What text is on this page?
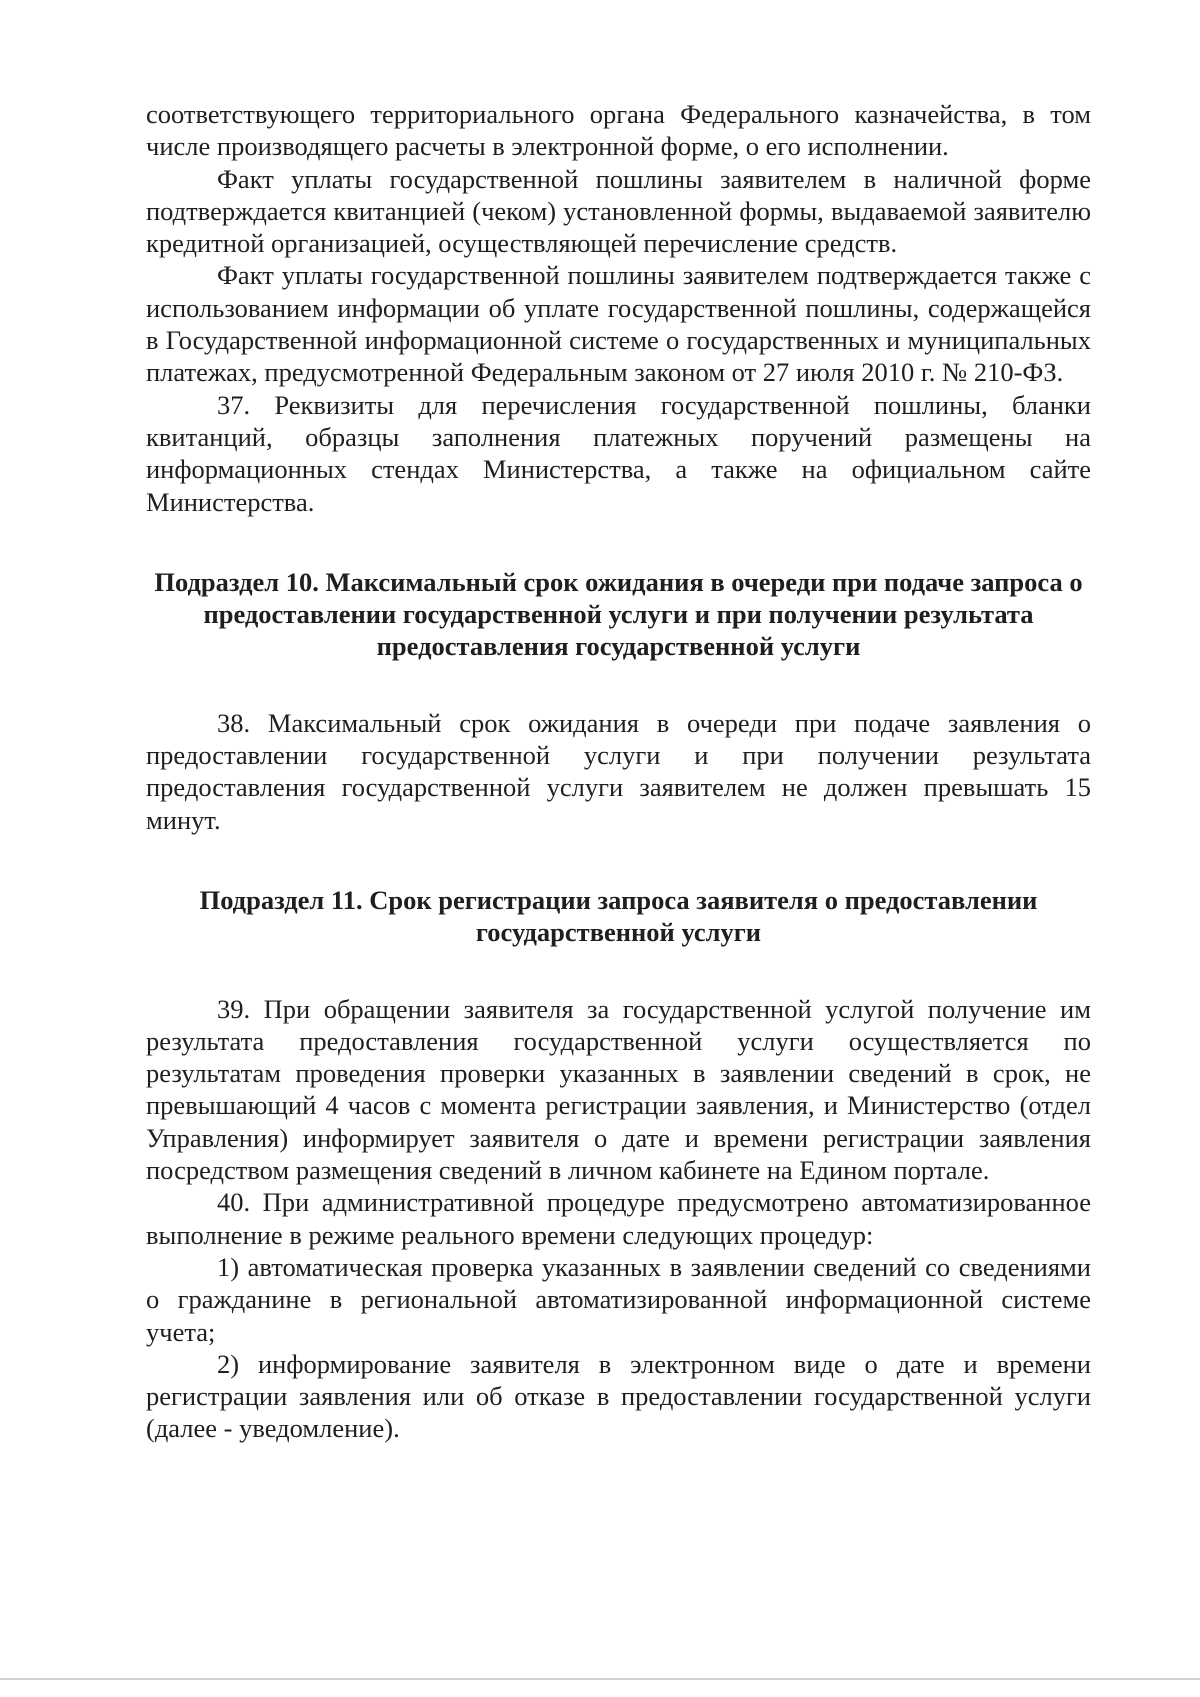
соответствующего территориального органа Федерального казначейства, в том числе производящего расчеты в электронной форме, о его исполнении.

Факт уплаты государственной пошлины заявителем в наличной форме подтверждается квитанцией (чеком) установленной формы, выдаваемой заявителю кредитной организацией, осуществляющей перечисление средств.

Факт уплаты государственной пошлины заявителем подтверждается также с использованием информации об уплате государственной пошлины, содержащейся в Государственной информационной системе о государственных и муниципальных платежах, предусмотренной Федеральным законом от 27 июля 2010 г. № 210-ФЗ.

37. Реквизиты для перечисления государственной пошлины, бланки квитанций, образцы заполнения платежных поручений размещены на информационных стендах Министерства, а также на официальном сайте Министерства.

Подраздел 10. Максимальный срок ожидания в очереди при подаче запроса о предоставлении государственной услуги и при получении результата предоставления государственной услуги

38. Максимальный срок ожидания в очереди при подаче заявления о предоставлении государственной услуги и при получении результата предоставления государственной услуги заявителем не должен превышать 15 минут.

Подраздел 11. Срок регистрации запроса заявителя о предоставлении государственной услуги

39. При обращении заявителя за государственной услугой получение им результата предоставления государственной услуги осуществляется по результатам проведения проверки указанных в заявлении сведений в срок, не превышающий 4 часов с момента регистрации заявления, и Министерство (отдел Управления) информирует заявителя о дате и времени регистрации заявления посредством размещения сведений в личном кабинете на Едином портале.

40. При административной процедуре предусмотрено автоматизированное выполнение в режиме реального времени следующих процедур:

1) автоматическая проверка указанных в заявлении сведений со сведениями о гражданине в региональной автоматизированной информационной системе учета;

2) информирование заявителя в электронном виде о дате и времени регистрации заявления или об отказе в предоставлении государственной услуги (далее - уведомление).
